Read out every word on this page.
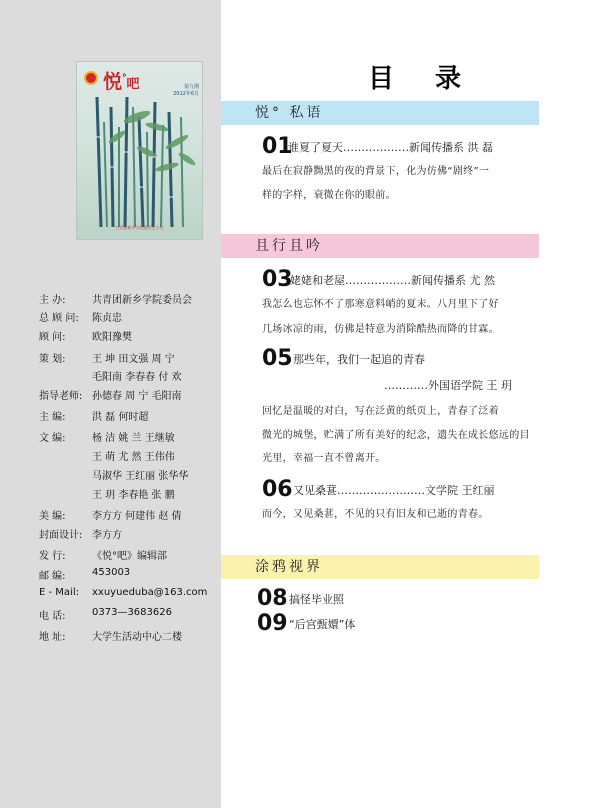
悦°吧	第九期
2012年6月
共青团新乡学院委员会主办
主 办:	共青团新乡学院委员会
总 顾 问:	陈贞忠
顾 问:	欧阳豫樊
策 划:	王 坤 田文强 周 宁
毛阳南 李春春 付 欢
指导老师: 孙德春 周 宁 毛阳南
主 编:	洪 磊 何时超
文 编:	杨 洁 姚 兰 王继敏
王 萌 尤 然 王伟伟
马淑华 王红丽 张华华
王 玥 李春艳 张 鹏
美 编:	李方方 何建伟 赵 倩
封面设计: 李方方
发 行:	《悦°吧》编辑部
邮 编:	453003
E - Mail:	xxuyueduba@163.com
电 话:	0373—3683626
地 址:	大学生活动中心二楼
目 录
悦° 私语
01
谁夏了夏天………………新闻传播系 洪 磊
最后在寂静黝黑的夜的背景下，化为仿佛“剧终”一
样的字样，衰微在你的眼前。
且行且吟
03
姥姥和老屋………………新闻传播系 尤 然
我怎么也忘怀不了那寒意料峭的夏末。八月里下了好
几场冰凉的雨，仿佛是特意为消除酷热而降的甘霖。
05 那些年，我们一起追的青春
…………外国语学院 王 玥
回忆是温暖的对白，写在泛黄的纸页上，青春了泛着
微光的城堡，贮满了所有美好的纪念，遗失在成长悠远的目
光里，幸福一直不曾离开。
06 又见桑葚……………………文学院 王红丽
而今，又见桑葚，不见的只有旧友和已逝的青春。
涂鸦视界
08 搞怪毕业照
09 “后宫甄嬛”体
